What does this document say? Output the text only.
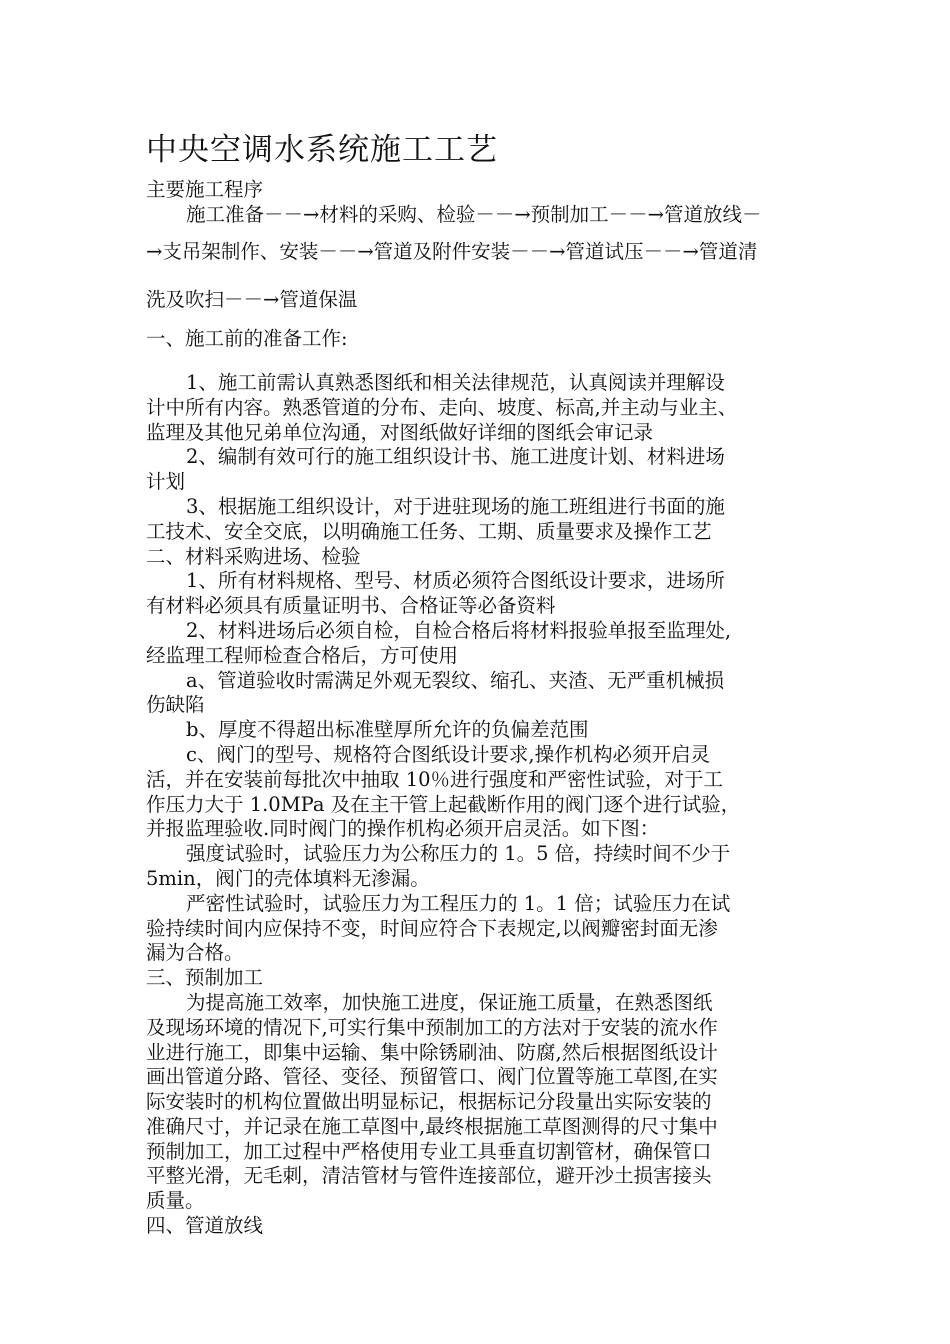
中央空调水系统施工工艺
主要施工程序
施工准备－－→材料的采购、检验－－→预制加工－－→管道放线－
→支吊架制作、安装－－→管道及附件安装－－→管道试压－－→管道清
洗及吹扫－－→管道保温
一、施工前的准备工作:
1、施工前需认真熟悉图纸和相关法律规范，认真阅读并理解设
计中所有内容。熟悉管道的分布、走向、坡度、标高,并主动与业主、
监理及其他兄弟单位沟通，对图纸做好详细的图纸会审记录
2、编制有效可行的施工组织设计书、施工进度计划、材料进场
计划
3、根据施工组织设计，对于进驻现场的施工班组进行书面的施
工技术、安全交底，以明确施工任务、工期、质量要求及操作工艺
二、材料采购进场、检验
1、所有材料规格、型号、材质必须符合图纸设计要求，进场所
有材料必须具有质量证明书、合格证等必备资料
2、材料进场后必须自检，自检合格后将材料报验单报至监理处,
经监理工程师检查合格后，方可使用
a、管道验收时需满足外观无裂纹、缩孔、夹渣、无严重机械损
伤缺陷
b、厚度不得超出标准壁厚所允许的负偏差范围
c、阀门的型号、规格符合图纸设计要求,操作机构必须开启灵
活，并在安装前每批次中抽取 10％进行强度和严密性试验，对于工
作压力大于 1.0MPa 及在主干管上起截断作用的阀门逐个进行试验，
并报监理验收.同时阀门的操作机构必须开启灵活。如下图：
强度试验时，试验压力为公称压力的 1。5 倍，持续时间不少于
5min，阀门的壳体填料无渗漏。
严密性试验时，试验压力为工程压力的 1。1 倍；试验压力在试
验持续时间内应保持不变，时间应符合下表规定,以阀瓣密封面无渗
漏为合格。
三、预制加工
为提高施工效率，加快施工进度，保证施工质量，在熟悉图纸
及现场环境的情况下,可实行集中预制加工的方法对于安装的流水作
业进行施工，即集中运输、集中除锈刷油、防腐,然后根据图纸设计
画出管道分路、管径、变径、预留管口、阀门位置等施工草图,在实
际安装时的机构位置做出明显标记，根据标记分段量出实际安装的
准确尺寸，并记录在施工草图中,最终根据施工草图测得的尺寸集中
预制加工，加工过程中严格使用专业工具垂直切割管材，确保管口
平整光滑，无毛刺，清洁管材与管件连接部位，避开沙土损害接头
质量。
四、管道放线
